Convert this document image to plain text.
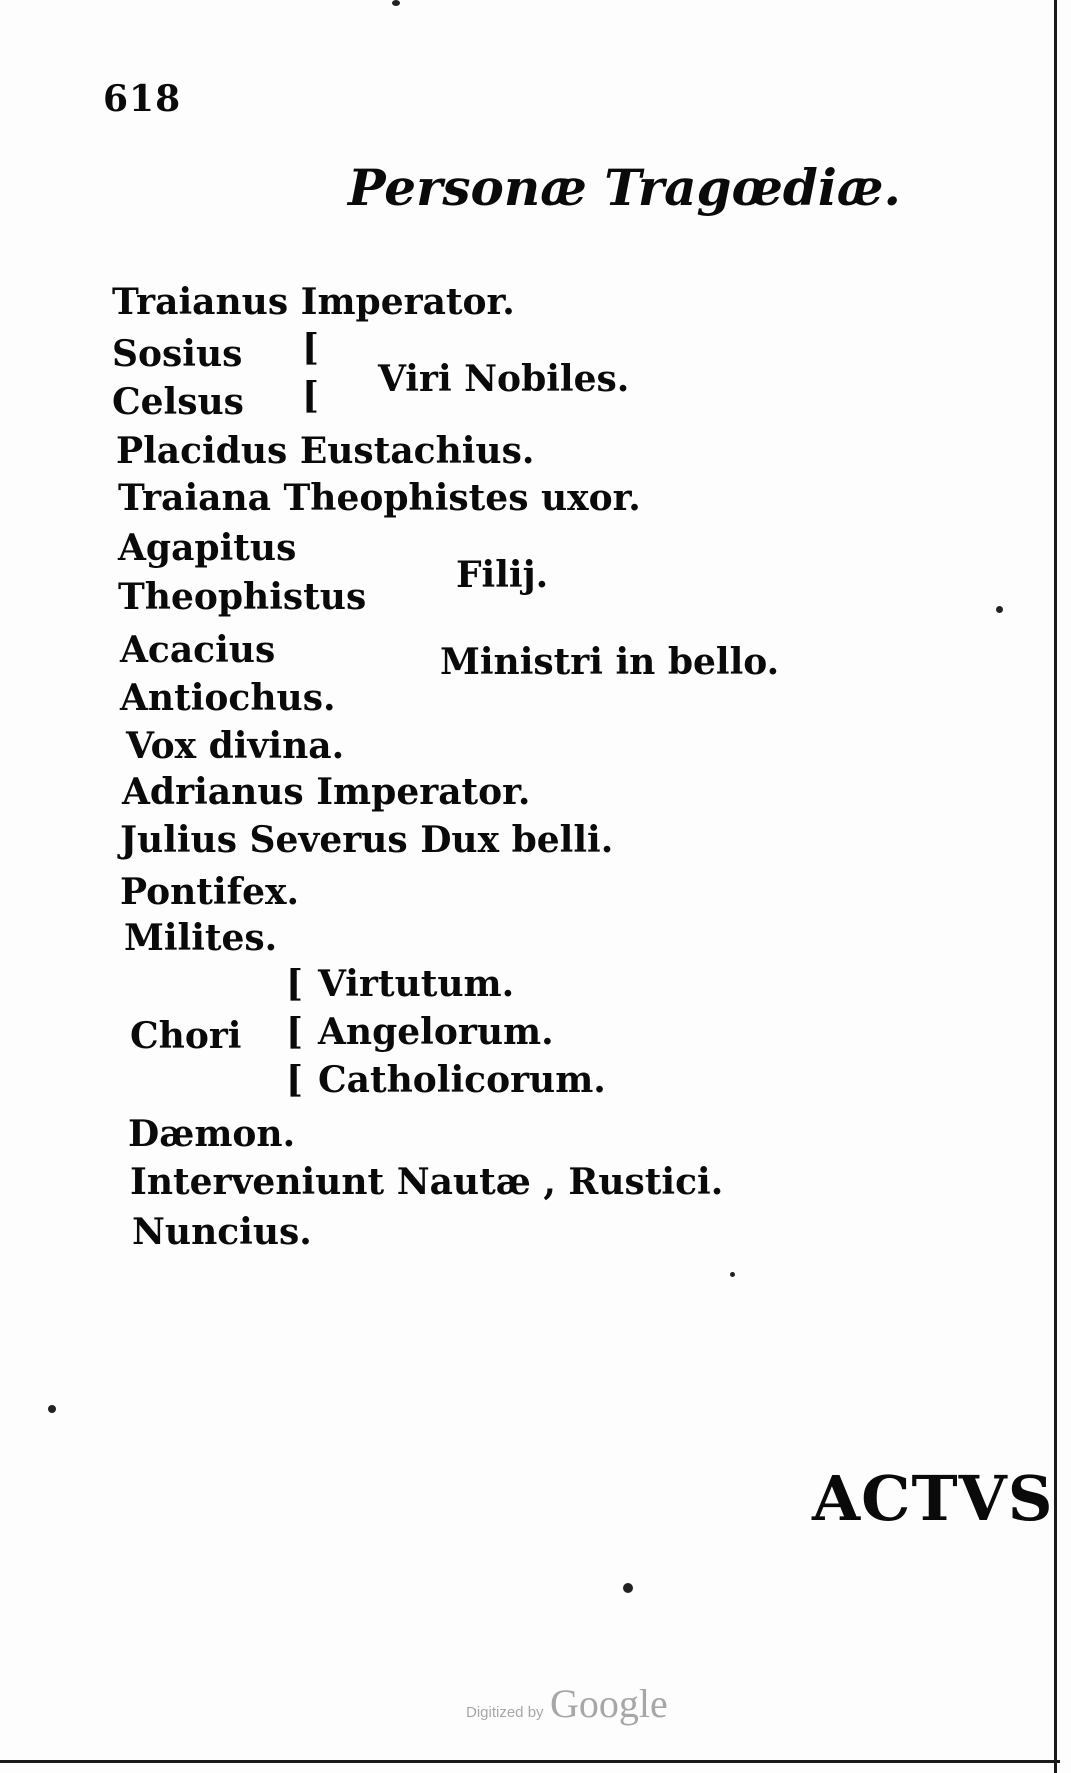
618
Personæ Tragœdiæ.
Traianus Imperator.
Sosius [
Celsus [ Viri Nobiles.
Placidus Eustachius.
Traiana Theophistes uxor.
Agapitus
Theophistus
Filij.
Acacius
Antiochus.
Ministri in bello.
Vox divina.
Adrianus Imperator.
Julius Severus Dux belli.
Pontifex.
Milites.
[ Virtutum.
Chori [ Angelorum.
[ Catholicorum.
Dæmon.
Interveniunt Nautæ , Rustici.
Nuncius.
ACTVS
Digitized by Google
